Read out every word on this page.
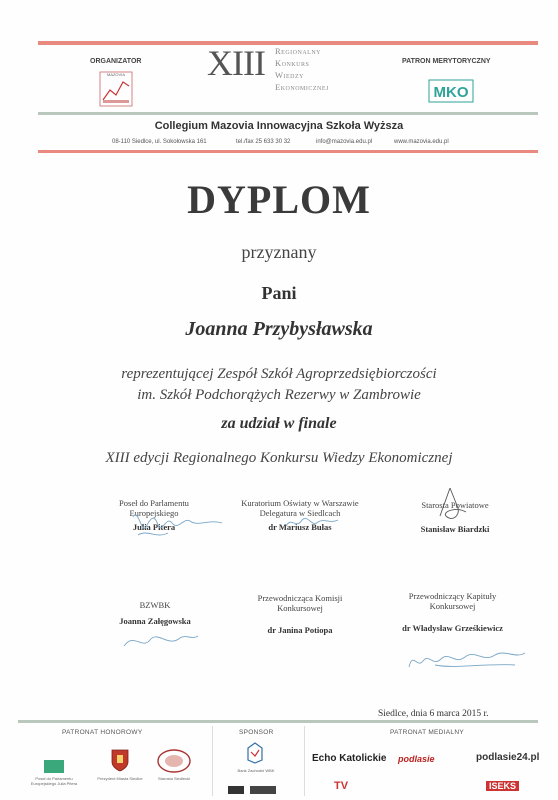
ORGANIZATOR
MAZOVIA	XIII Regionalny
Konkurs
Wiedzy
Ekonomicznej
PATRON MERYTORYCZNY
MKO
Collegium Mazovia Innowacyjna Szkoła Wyższa
08-110 Siedlce, ul. Sokołowska 161	tel./fax 25 633 30 32	info@mazovia.edu.pl	www.mazovia.edu.pl
DYPLOM
przyznany
Pani
Joanna Przybysławska
reprezentującej Zespół Szkół Agroprzedsiębiorczości
im. Szkół Podchorążych Rezerwy w Zambrowie
za udział w finale
XIII edycji Regionalnego Konkursu Wiedzy Ekonomicznej
Poseł do Parlamentu
Europejskiego
Julia Pitera
Kuratorium Oświaty w Warszawie
Delegatura w Siedlcach
dr Mariusz Bułas
Starosta Powiatowe
Stanisław Biardzki
BZWBK
Joanna Załęgowska
Przewodnicząca Komisji
Konkursowej
dr Janina Potiopa
Przewodniczący Kapituły
Konkursowej
dr Władysław Grześkiewicz
Siedlce, dnia 6 marca 2015 r.
PATRONAT HONOROWY	SPONSOR	PATRONAT MEDIALNY
Poseł do Parlamentu Europejskiego Julia Pitera
Prezydent Miasta Siedlce	Starosta Siedlecki
Bank Zachodni WBK
Echo Katolickie podlasie	podlasie24.pl
TV	ISEKS
